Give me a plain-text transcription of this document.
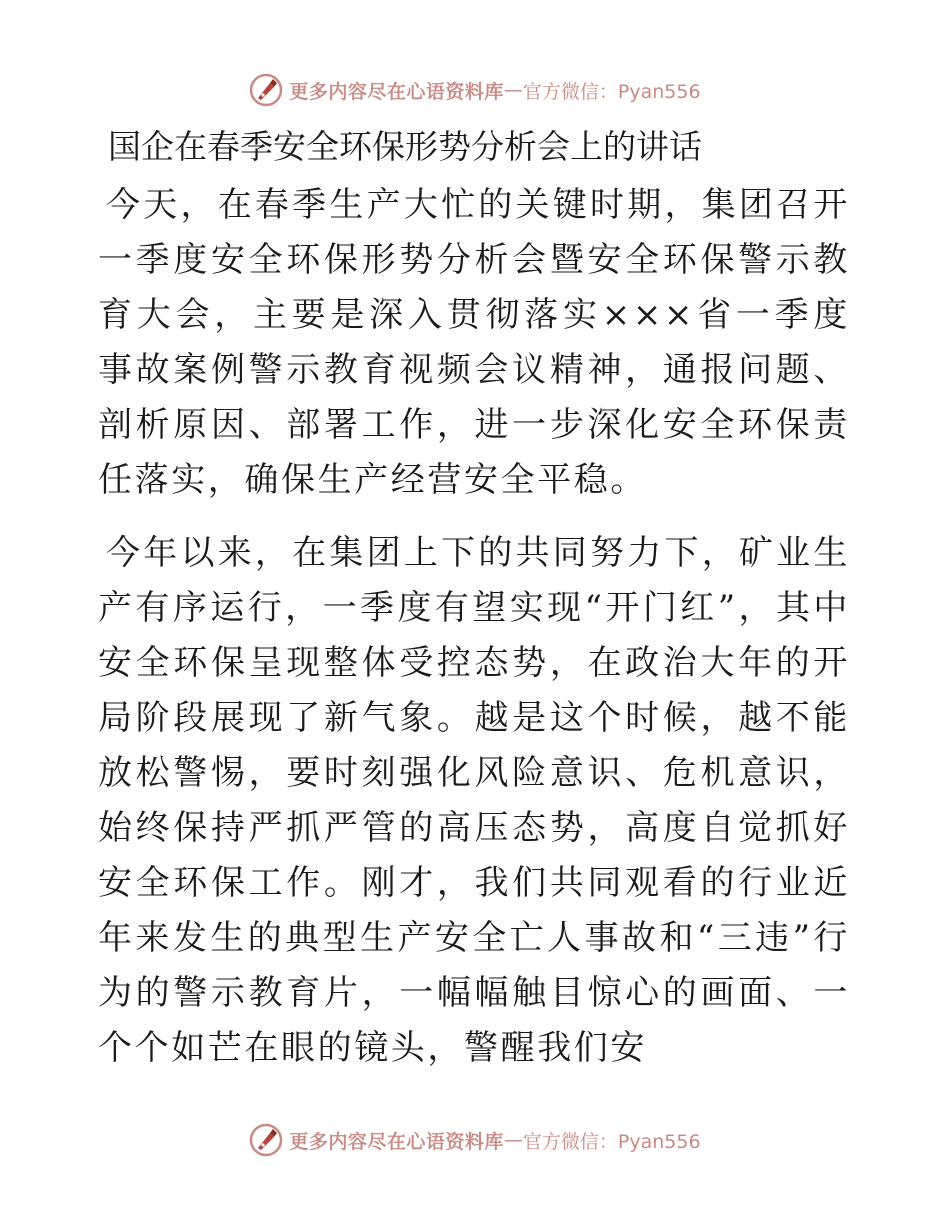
更多内容尽在心语资料库 — 官方微信：Pyan556
国企在春季安全环保形势分析会上的讲话

今天，在春季生产大忙的关键时期，集团召开一季度安全环保形势分析会暨安全环保警示教育大会，主要是深入贯彻落实×××省一季度事故案例警示教育视频会议精神，通报问题、剖析原因、部署工作，进一步深化安全环保责任落实，确保生产经营安全平稳。

今年以来，在集团上下的共同努力下，矿业生产有序运行，一季度有望实现“开门红”，其中安全环保呈现整体受控态势，在政治大年的开局阶段展现了新气象。越是这个时候，越不能放松警惕，要时刻强化风险意识、危机意识，始终保持严抓严管的高压态势，高度自觉抓好安全环保工作。刚才，我们共同观看的行业近年来发生的典型生产安全亡人事故和“三违”行为的警示教育片，一幅幅触目惊心的画面、一个个如芒在眼的镜头，警醒我们安

更多内容尽在心语资料库 — 官方微信：Pyan556
